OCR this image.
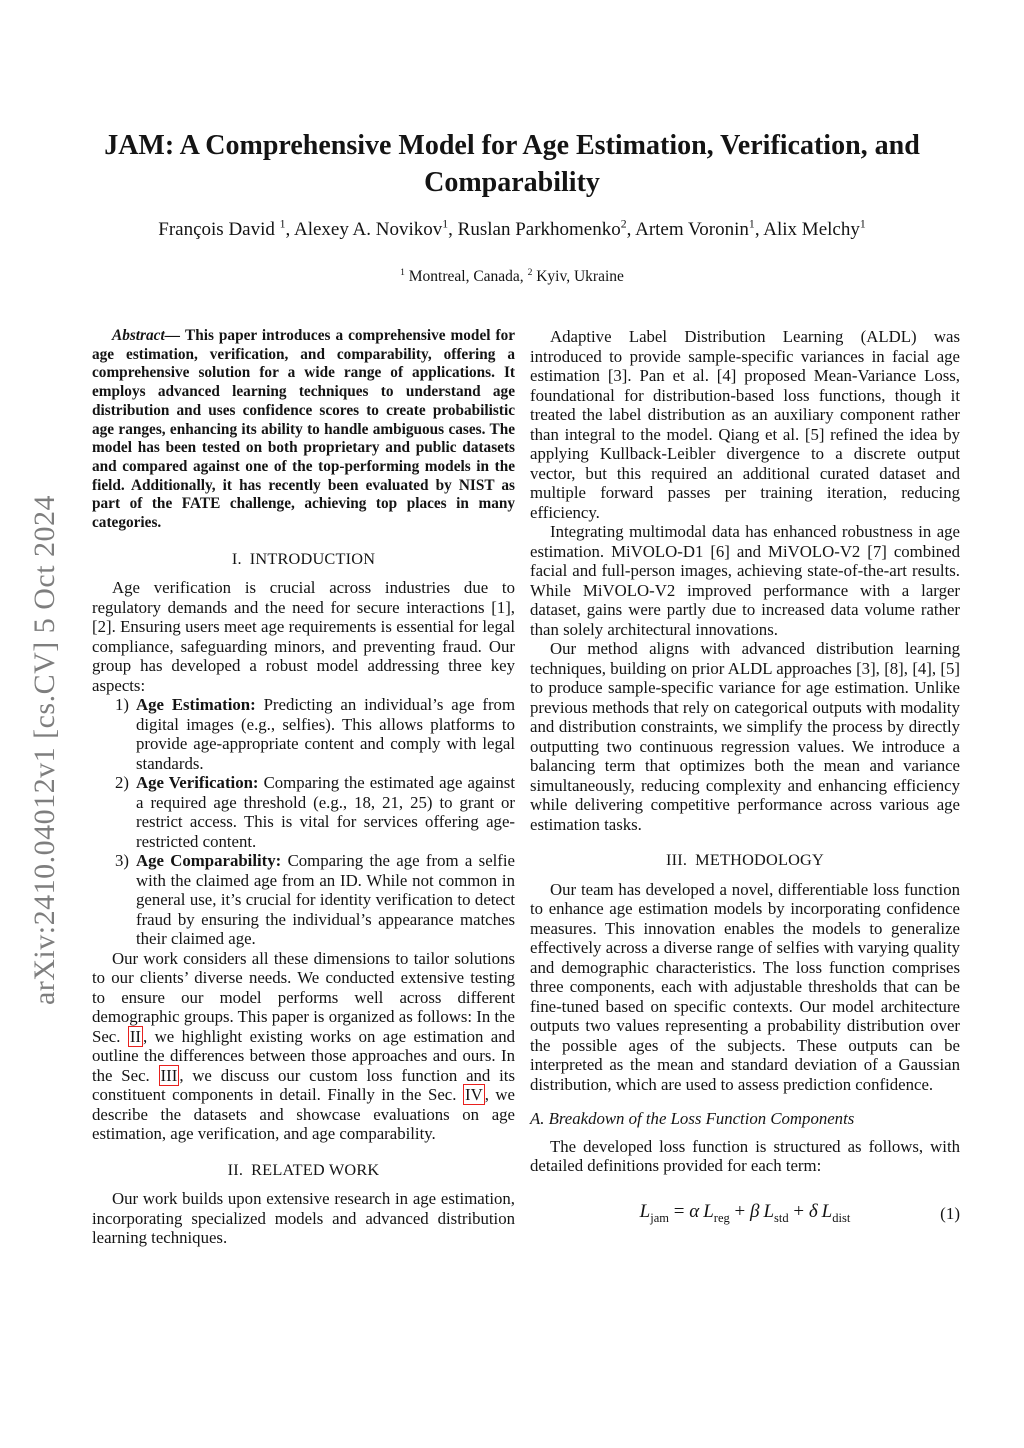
arXiv:2410.04012v1 [cs.CV] 5 Oct 2024
JAM: A Comprehensive Model for Age Estimation, Verification, and
Comparability
François David $^1$, Alexey A. Novikov$^1$, Ruslan Parkhomenko$^2$, Artem Voronin$^1$, Alix Melchy$^1$
$^1$ Montreal, Canada, $^2$ Kyiv, Ukraine
Abstract— This paper introduces a comprehensive model for age estimation, verification, and comparability, offering a comprehensive solution for a wide range of applications. It employs advanced learning techniques to understand age distribution and uses confidence scores to create probabilistic age ranges, enhancing its ability to handle ambiguous cases. The model has been tested on both proprietary and public datasets and compared against one of the top-performing models in the field. Additionally, it has recently been evaluated by NIST as part of the FATE challenge, achieving top places in many categories.
I. INTRODUCTION

Age verification is crucial across industries due to regulatory demands and the need for secure interactions [1], [2]. Ensuring users meet age requirements is essential for legal compliance, safeguarding minors, and preventing fraud. Our group has developed a robust model addressing three key aspects:

1) Age Estimation: Predicting an individual’s age from digital images (e.g., selfies). This allows platforms to provide age-appropriate content and comply with legal standards.
2) Age Verification: Comparing the estimated age against a required age threshold (e.g., 18, 21, 25) to grant or restrict access. This is vital for services offering age-restricted content.
3) Age Comparability: Comparing the age from a selfie with the claimed age from an ID. While not common in general use, it’s crucial for identity verification to detect fraud by ensuring the individual’s appearance matches their claimed age.

Our work considers all these dimensions to tailor solutions to our clients’ diverse needs. We conducted extensive testing to ensure our model performs well across different demographic groups. This paper is organized as follows: In the Sec. II , we highlight existing works on age estimation and outline the differences between those approaches and ours. In the Sec. III , we discuss our custom loss function and its constituent components in detail. Finally in the Sec. IV , we describe the datasets and showcase evaluations on age estimation, age verification, and age comparability.

II. RELATED WORK

Our work builds upon extensive research in age estimation, incorporating specialized models and advanced distribution learning techniques.

Adaptive Label Distribution Learning (ALDL) was introduced to provide sample-specific variances in facial age estimation [3]. Pan et al. [4] proposed Mean-Variance Loss, foundational for distribution-based loss functions, though it treated the label distribution as an auxiliary component rather than integral to the model. Qiang et al. [5] refined the idea by applying Kullback-Leibler divergence to a discrete output vector, but this required an additional curated dataset and multiple forward passes per training iteration, reducing efficiency.

Integrating multimodal data has enhanced robustness in age estimation. MiVOLO-D1 [6] and MiVOLO-V2 [7] combined facial and full-person images, achieving state-of-the-art results. While MiVOLO-V2 improved performance with a larger dataset, gains were partly due to increased data volume rather than solely architectural innovations.

Our method aligns with advanced distribution learning techniques, building on prior ALDL approaches [3], [8], [4], [5] to produce sample-specific variance for age estimation. Unlike previous methods that rely on categorical outputs with modality and distribution constraints, we simplify the process by directly outputting two continuous regression values. We introduce a balancing term that optimizes both the mean and variance simultaneously, reducing complexity and enhancing efficiency while delivering competitive performance across various age estimation tasks.

III. METHODOLOGY

Our team has developed a novel, differentiable loss function to enhance age estimation models by incorporating confidence measures. This innovation enables the models to generalize effectively across a diverse range of selfies with varying quality and demographic characteristics. The loss function comprises three components, each with adjustable thresholds that can be fine-tuned based on specific contexts. Our model architecture outputs two values representing a probability distribution over the possible ages of the subjects. These outputs can be interpreted as the mean and standard deviation of a Gaussian distribution, which are used to assess prediction confidence.

A. Breakdown of the Loss Function Components

The developed loss function is structured as follows, with detailed definitions provided for each term:

$L_{jam} = \alpha$ $L_{reg} + \beta$ $L_{std} + \delta$ $L_{dist}$	(1)
